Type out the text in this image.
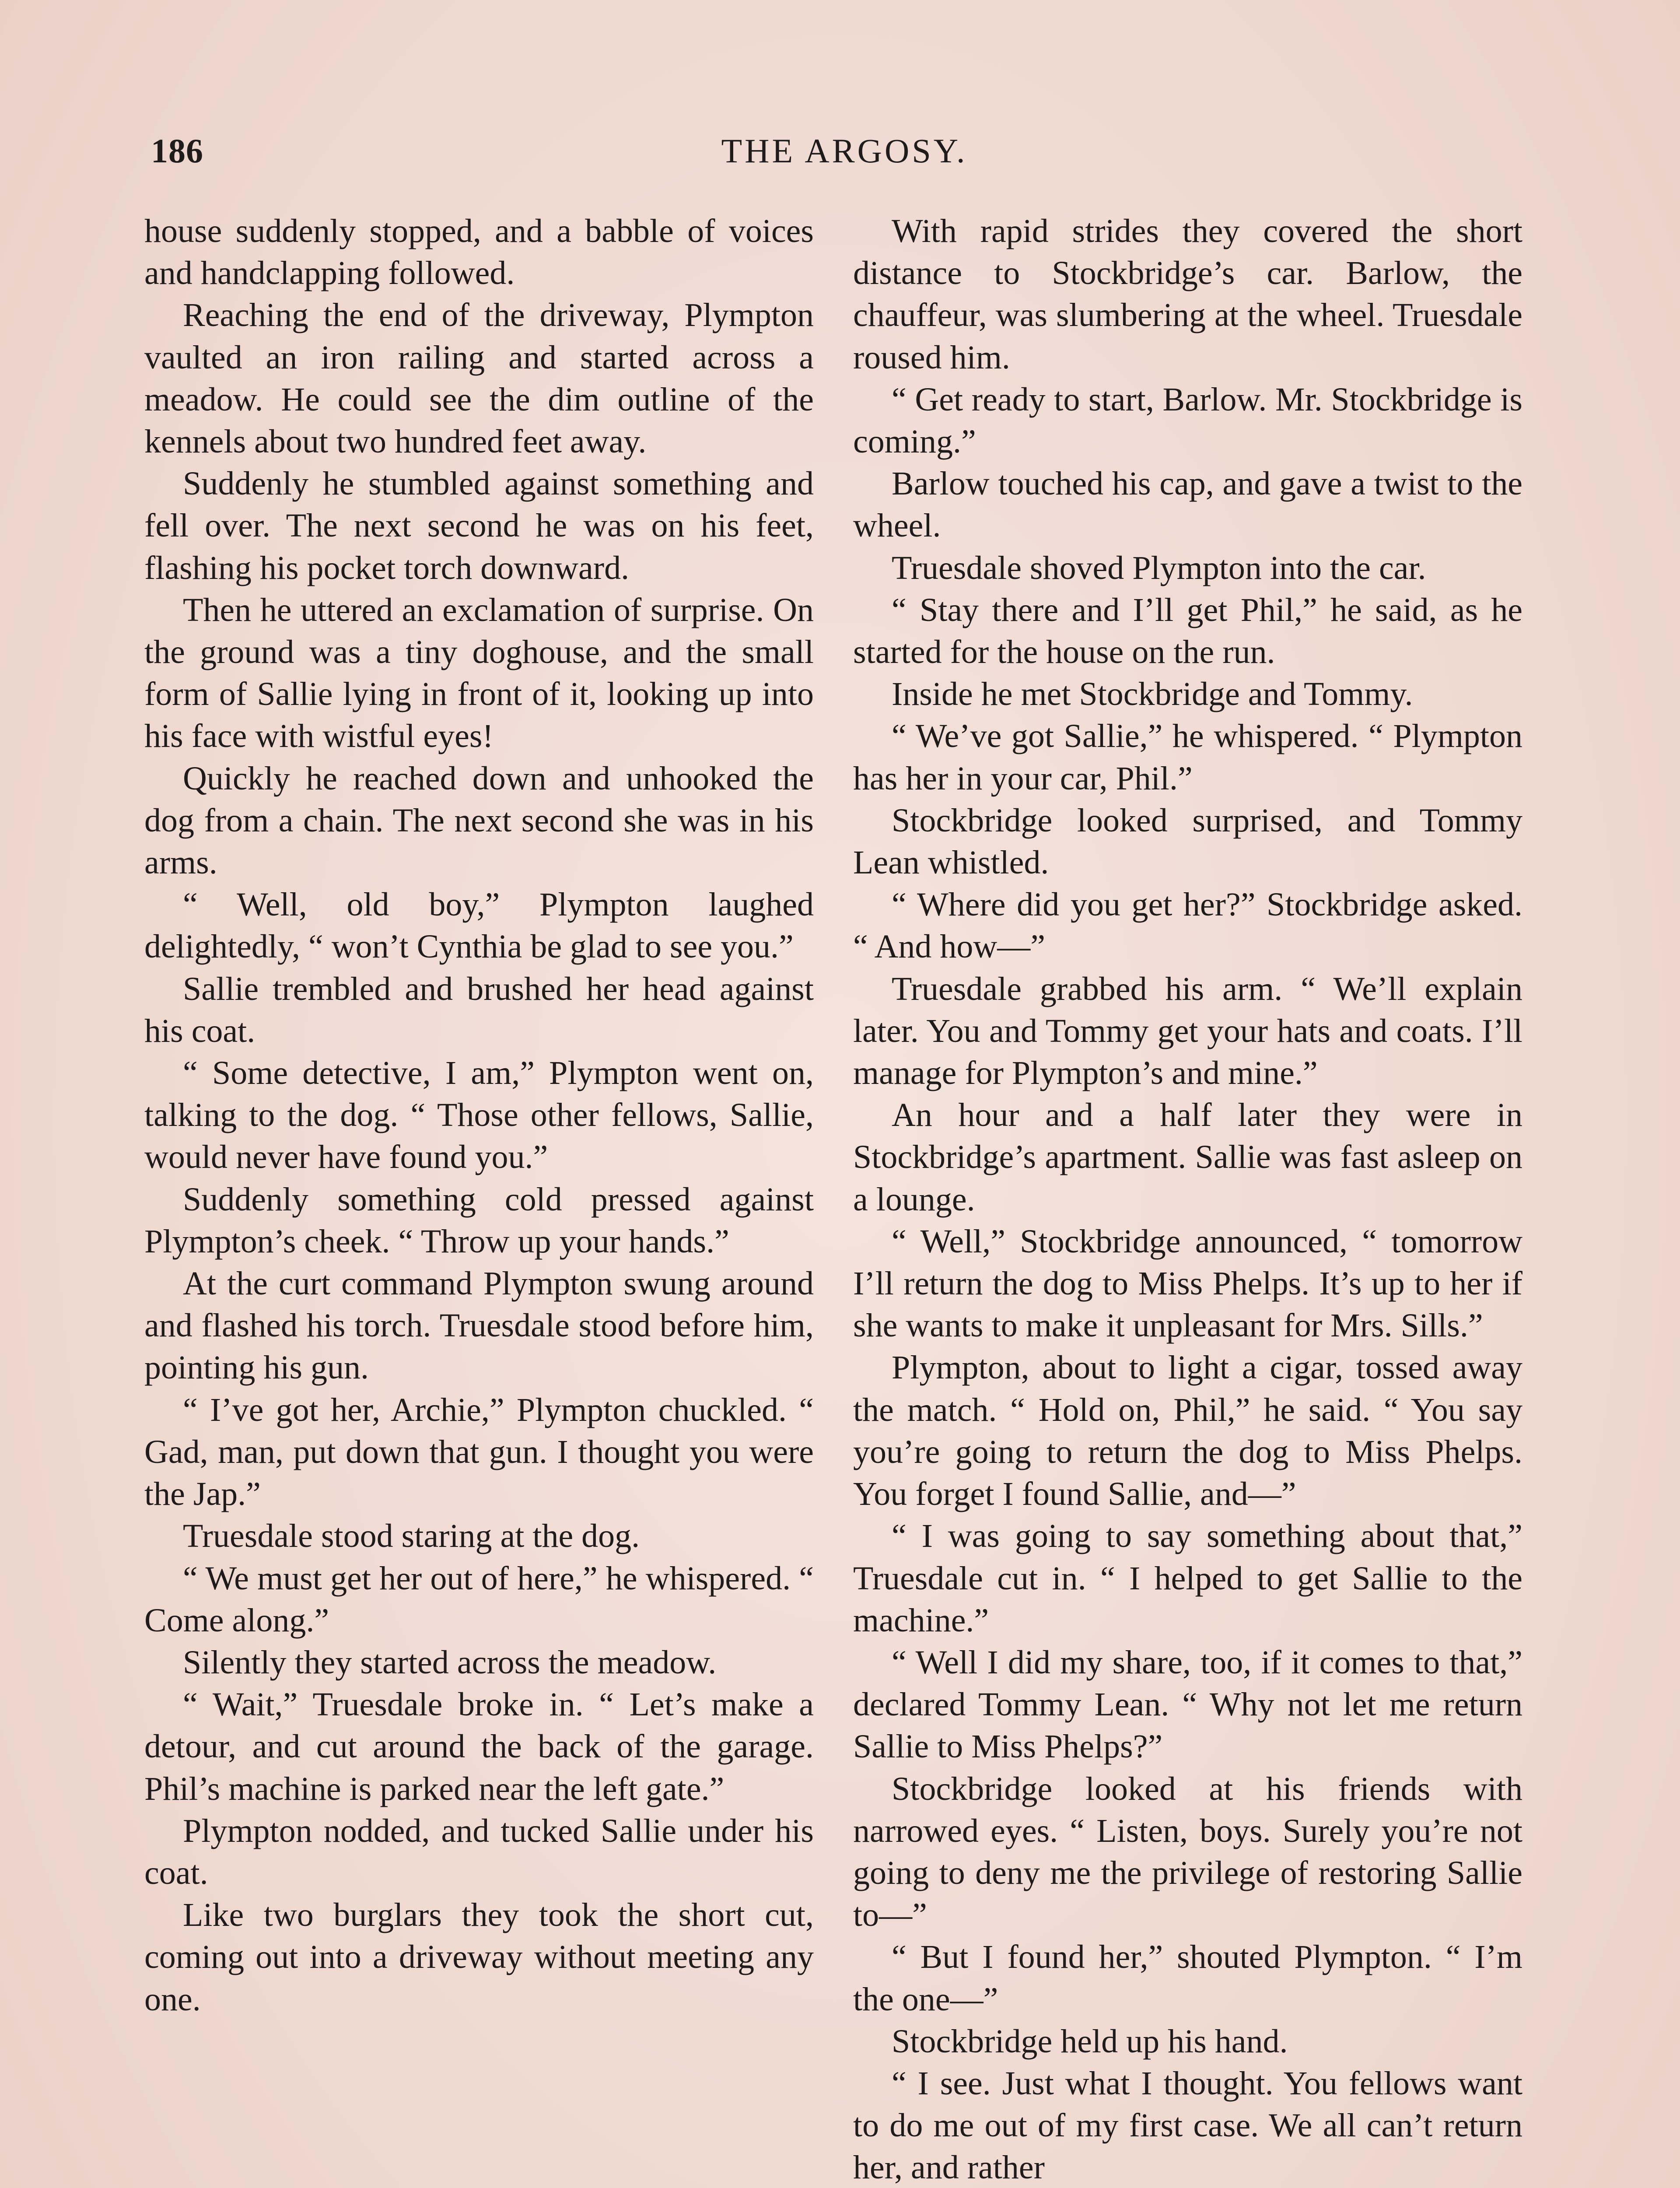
186	THE ARGOSY.

house suddenly stopped, and a babble of voices and handclapping followed.

Reaching the end of the driveway, Plympton vaulted an iron railing and started across a meadow. He could see the dim outline of the kennels about two hundred feet away.

Suddenly he stumbled against something and fell over. The next second he was on his feet, flashing his pocket torch downward.

Then he uttered an exclamation of surprise. On the ground was a tiny doghouse, and the small form of Sallie lying in front of it, looking up into his face with wistful eyes!

Quickly he reached down and unhooked the dog from a chain. The next second she was in his arms.

“ Well, old boy,” Plympton laughed delightedly, “ won’t Cynthia be glad to see you.”

Sallie trembled and brushed her head against his coat.

“ Some detective, I am,” Plympton went on, talking to the dog. “ Those other fellows, Sallie, would never have found you.”

Suddenly something cold pressed against Plympton’s cheek. “ Throw up your hands.”

At the curt command Plympton swung around and flashed his torch. Truesdale stood before him, pointing his gun.

“ I’ve got her, Archie,” Plympton chuckled. “ Gad, man, put down that gun. I thought you were the Jap.”

Truesdale stood staring at the dog.

“ We must get her out of here,” he whispered. “ Come along.”

Silently they started across the meadow.

“ Wait,” Truesdale broke in. “ Let’s make a detour, and cut around the back of the garage. Phil’s machine is parked near the left gate.”

Plympton nodded, and tucked Sallie under his coat.

Like two burglars they took the short cut, coming out into a driveway without meeting any one.

With rapid strides they covered the short distance to Stockbridge’s car. Barlow, the chauffeur, was slumbering at the wheel. Truesdale roused him.

“ Get ready to start, Barlow. Mr. Stockbridge is coming.”

Barlow touched his cap, and gave a twist to the wheel.

Truesdale shoved Plympton into the car.

“ Stay there and I’ll get Phil,” he said, as he started for the house on the run.

Inside he met Stockbridge and Tommy.

“ We’ve got Sallie,” he whispered. “ Plympton has her in your car, Phil.”

Stockbridge looked surprised, and Tommy Lean whistled.

“ Where did you get her?” Stockbridge asked. “ And how—”

Truesdale grabbed his arm. “ We’ll explain later. You and Tommy get your hats and coats. I’ll manage for Plympton’s and mine.”

An hour and a half later they were in Stockbridge’s apartment. Sallie was fast asleep on a lounge.

“ Well,” Stockbridge announced, “ tomorrow I’ll return the dog to Miss Phelps. It’s up to her if she wants to make it unpleasant for Mrs. Sills.”

Plympton, about to light a cigar, tossed away the match. “ Hold on, Phil,” he said. “ You say you’re going to return the dog to Miss Phelps. You forget I found Sallie, and—”

“ I was going to say something about that,” Truesdale cut in. “ I helped to get Sallie to the machine.”

“ Well I did my share, too, if it comes to that,” declared Tommy Lean. “ Why not let me return Sallie to Miss Phelps?”

Stockbridge looked at his friends with narrowed eyes. “ Listen, boys. Surely you’re not going to deny me the privilege of restoring Sallie to—”

“ But I found her,” shouted Plympton. “ I’m the one—”

Stockbridge held up his hand.

“ I see. Just what I thought. You fellows want to do me out of my first case. We all can’t return her, and rather
